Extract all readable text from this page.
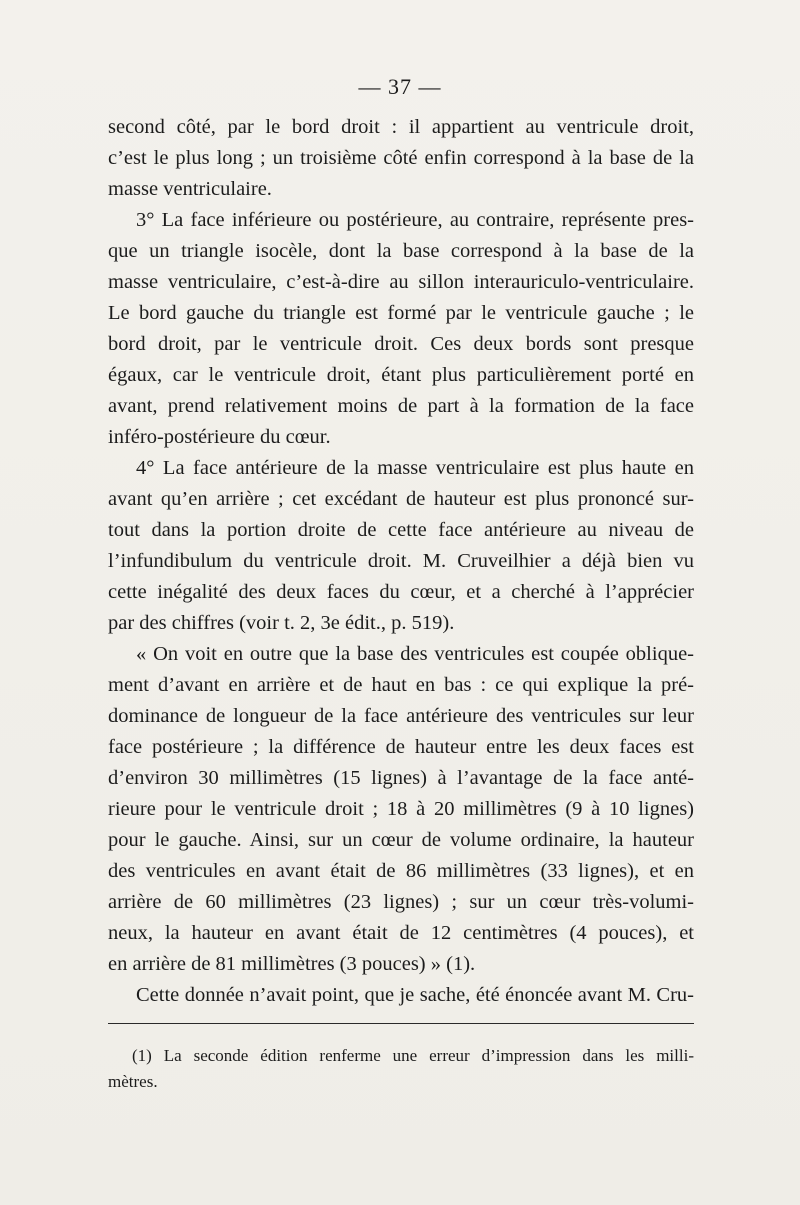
— 37 —
second côté, par le bord droit : il appartient au ventricule droit,
c’est le plus long ; un troisième côté enfin correspond à la base de la
masse ventriculaire.
3° La face inférieure ou postérieure, au contraire, représente pres-
que un triangle isocèle, dont la base correspond à la base de la
masse ventriculaire, c’est-à-dire au sillon interauriculo-ventriculaire.
Le bord gauche du triangle est formé par le ventricule gauche ; le
bord droit, par le ventricule droit. Ces deux bords sont presque
égaux, car le ventricule droit, étant plus particulièrement porté en
avant, prend relativement moins de part à la formation de la face
inféro-postérieure du cœur.
4° La face antérieure de la masse ventriculaire est plus haute en
avant qu’en arrière ; cet excédant de hauteur est plus prononcé sur-
tout dans la portion droite de cette face antérieure au niveau de
l’infundibulum du ventricule droit. M. Cruveilhier a déjà bien vu
cette inégalité des deux faces du cœur, et a cherché à l’apprécier
par des chiffres (voir t. 2, 3e édit., p. 519).
« On voit en outre que la base des ventricules est coupée oblique-
ment d’avant en arrière et de haut en bas : ce qui explique la pré-
dominance de longueur de la face antérieure des ventricules sur leur
face postérieure ; la différence de hauteur entre les deux faces est
d’environ 30 millimètres (15 lignes) à l’avantage de la face anté-
rieure pour le ventricule droit ; 18 à 20 millimètres (9 à 10 lignes)
pour le gauche. Ainsi, sur un cœur de volume ordinaire, la hauteur
des ventricules en avant était de 86 millimètres (33 lignes), et en
arrière de 60 millimètres (23 lignes) ; sur un cœur très-volumi-
neux, la hauteur en avant était de 12 centimètres (4 pouces), et
en arrière de 81 millimètres (3 pouces) » (1).
Cette donnée n’avait point, que je sache, été énoncée avant M. Cru-
(1) La seconde édition renferme une erreur d’impression dans les milli-
mètres.
